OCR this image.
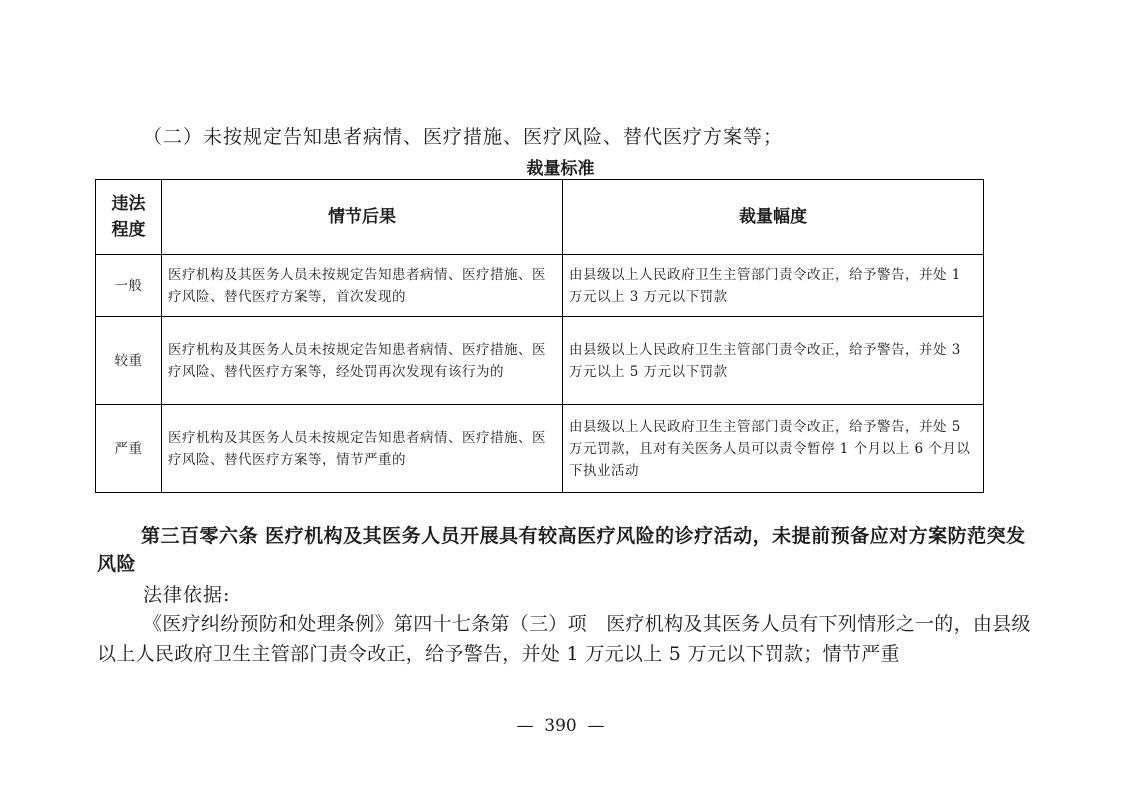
（二）未按规定告知患者病情、医疗措施、医疗风险、替代医疗方案等；
裁量标准
违法
程度	情节后果	裁量幅度
一般	医疗机构及其医务人员未按规定告知患者病情、医疗措施、医疗风险、替代医疗方案等，首次发现的	由县级以上人民政府卫生主管部门责令改正，给予警告，并处 1 万元以上 3 万元以下罚款
较重	医疗机构及其医务人员未按规定告知患者病情、医疗措施、医疗风险、替代医疗方案等，经处罚再次发现有该行为的	由县级以上人民政府卫生主管部门责令改正，给予警告，并处 3 万元以上 5 万元以下罚款
严重	医疗机构及其医务人员未按规定告知患者病情、医疗措施、医疗风险、替代医疗方案等，情节严重的	由县级以上人民政府卫生主管部门责令改正，给予警告，并处 5 万元罚款，且对有关医务人员可以责令暂停 1 个月以上 6 个月以下执业活动
第三百零六条 医疗机构及其医务人员开展具有较高医疗风险的诊疗活动，未提前预备应对方案防范突发风险
法律依据:
《医疗纠纷预防和处理条例》第四十七条第（三）项　医疗机构及其医务人员有下列情形之一的，由县级以上人民政府卫生主管部门责令改正，给予警告，并处 1 万元以上 5 万元以下罚款；情节严重
—  390  —
